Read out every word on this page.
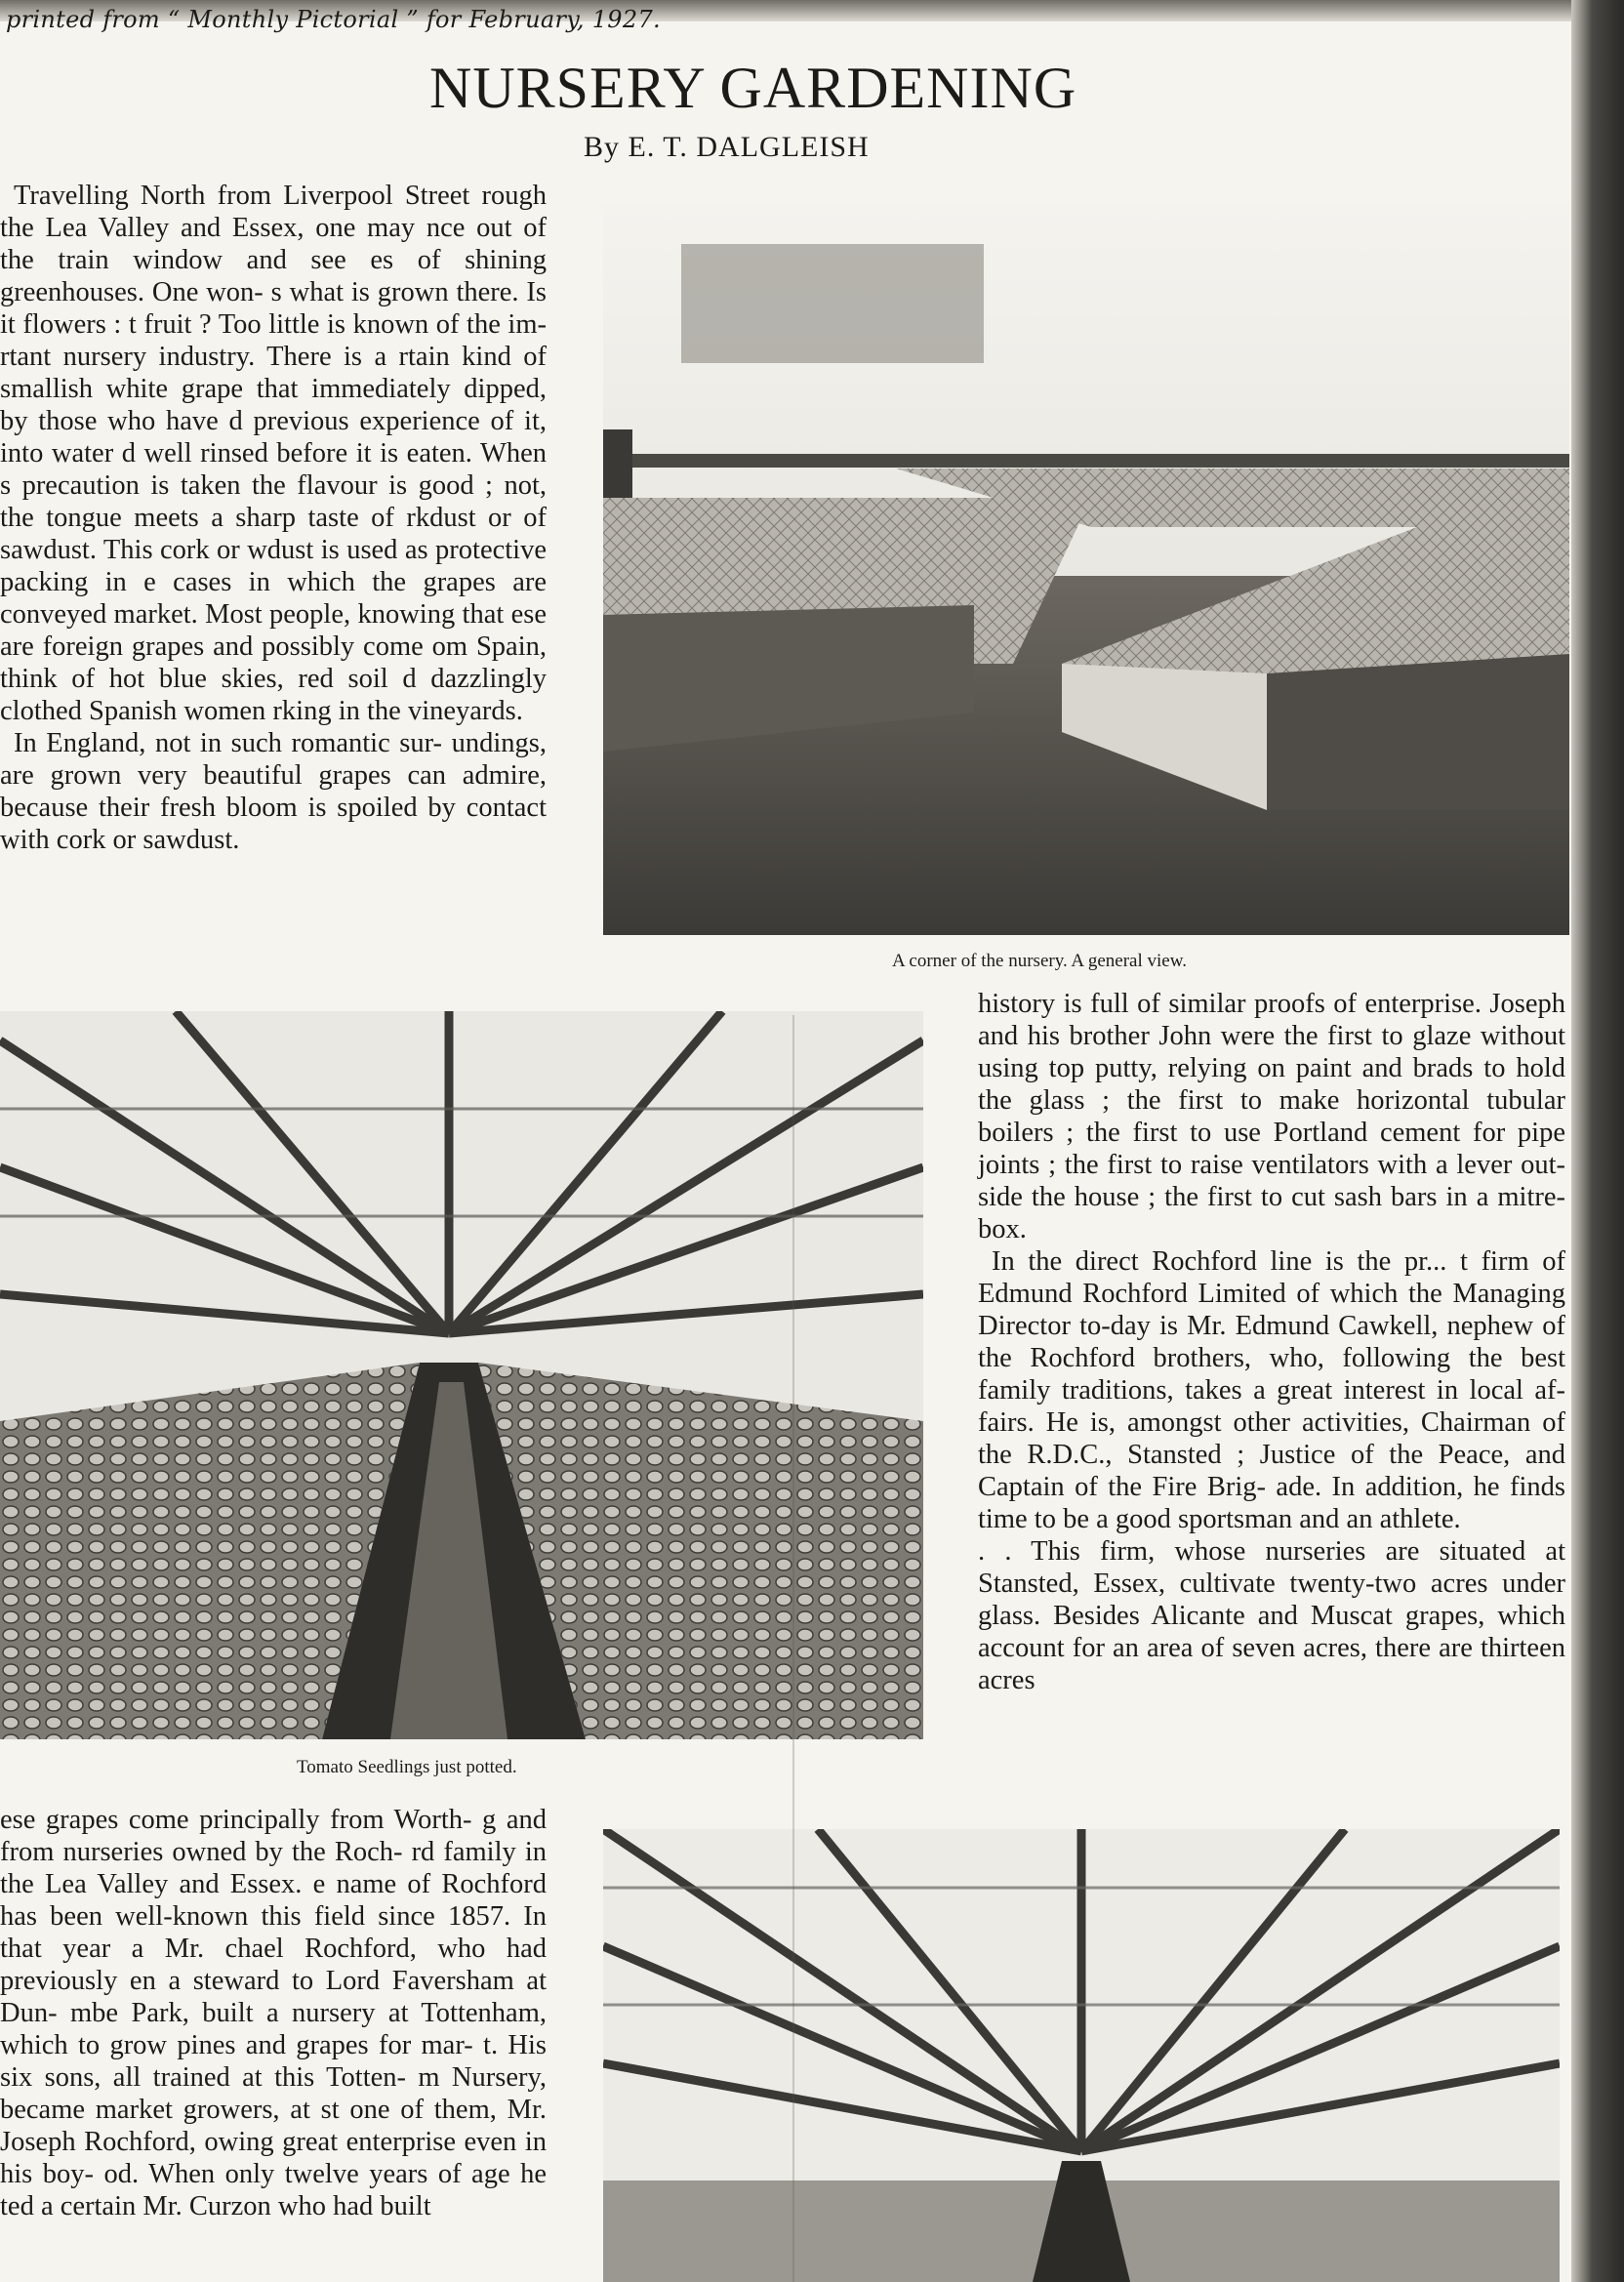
printed from “ Monthly Pictorial ” for February, 1927.
NURSERY GARDENING
By E. T. DALGLEISH

Travelling North from Liverpool Street rough the Lea Valley and Essex, one may nce out of the train window and see es of shining greenhouses. One won- s what is grown there. Is it flowers : t fruit ? Too little is known of the im- rtant nursery industry. There is a rtain kind of smallish white grape that immediately dipped, by those who have d previous experience of it, into water d well rinsed before it is eaten. When s precaution is taken the flavour is good ; not, the tongue meets a sharp taste of rkdust or of sawdust. This cork or wdust is used as protective packing in e cases in which the grapes are conveyed market. Most people, knowing that ese are foreign grapes and possibly come om Spain, think of hot blue skies, red soil d dazzlingly clothed Spanish women rking in the vineyards.

In England, not in such romantic sur- undings, are grown very beautiful grapes can admire, because their fresh bloom is spoiled by contact with cork or sawdust.

A corner of the nursery. A general view.
Tomato Seedlings just potted.

history is full of similar proofs of enterprise. Joseph and his brother John were the first to glaze without using top putty, relying on paint and brads to hold the glass ; the first to make horizontal tubular boilers ; the first to use Portland cement for pipe joints ; the first to raise ventilators with a lever out- side the house ; the first to cut sash bars in a mitre-box.

In the direct Rochford line is the pr... t firm of Edmund Rochford Limited of which the Managing Director to-day is Mr. Edmund Cawkell, nephew of the Rochford brothers, who, following the best family traditions, takes a great interest in local af- fairs. He is, amongst other activities, Chairman of the R.D.C., Stansted ; Justice of the Peace, and Captain of the Fire Brig- ade. In addition, he finds time to be a good sportsman and an athlete.

. . This firm, whose nurseries are situated at Stansted, Essex, cultivate twenty-two acres under glass. Besides Alicante and Muscat grapes, which account for an area of seven acres, there are thirteen acres

ese grapes come principally from Worth- g and from nurseries owned by the Roch- rd family in the Lea Valley and Essex. e name of Rochford has been well-known this field since 1857. In that year a Mr. chael Rochford, who had previously en a steward to Lord Faversham at Dun- mbe Park, built a nursery at Tottenham, which to grow pines and grapes for mar- t. His six sons, all trained at this Totten- m Nursery, became market growers, at st one of them, Mr. Joseph Rochford, owing great enterprise even in his boy- od. When only twelve years of age he ted a certain Mr. Curzon who had built
